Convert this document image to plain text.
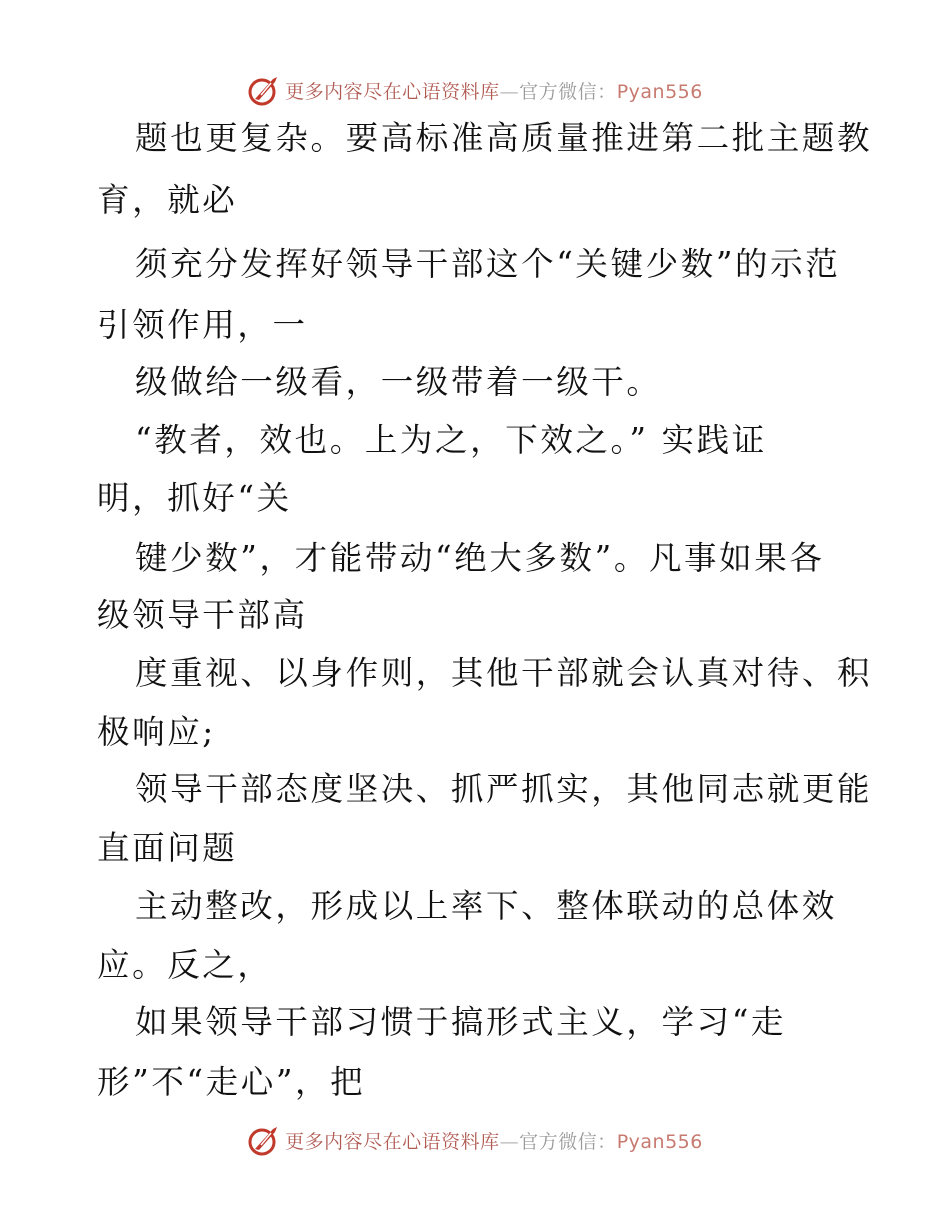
更多内容尽在心语资料库—官方微信：Pyan556
题也更复杂。要高标准高质量推进第二批主题教
育，就必
须充分发挥好领导干部这个“关键少数”的示范
引领作用，一
级做给一级看，一级带着一级干。
“教者，效也。上为之，下效之。” 实践证
明，抓好“关
键少数”，才能带动“绝大多数”。凡事如果各
级领导干部高
度重视、以身作则，其他干部就会认真对待、积
极响应;
领导干部态度坚决、抓严抓实，其他同志就更能
直面问题
主动整改，形成以上率下、整体联动的总体效
应。反之，
如果领导干部习惯于搞形式主义，学习“走
形”不“走心”，把
更多内容尽在心语资料库—官方微信：Pyan556
